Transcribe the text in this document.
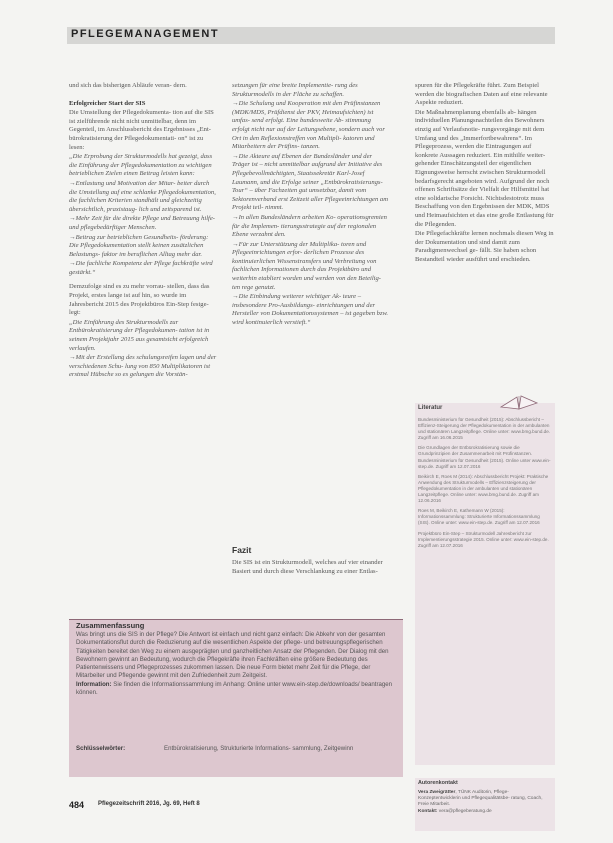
PFLEGEMANAGEMENT

und sich das bisherigen Abläufe veran- dern.

Erfolgreicher Start der SIS

Die Umstellung der Pflegedokumenta- tion auf die SIS ist zielführende nicht nicht unmittelbar, denn im Gegenteil, im Anschlussbericht des Ergebnisses „Ent- bürokratisierung der Pflegedokumentati- on“ ist zu lesen:

„Die Erprobung der Strukturmodells hat gezeigt, dass die Einführung der Pflegedokumentation zu wichtigen betrieblichen Zielen einen Beitrag leisten kann:

→Entlastung und Motivation der Mitar- beiter durch die Umstellung auf eine schlanke Pflegedokumentation, die fachlichen Kriterien standhält und gleichzeitig übersichtlich, praxistaug- lich und zeitsparend ist.

→Mehr Zeit für die direkte Pflege und Betreuung hilfe- und pflegebedürftiger Menschen.

→Beitrag zur betrieblichen Gesundheits- förderung: Die Pflegedokumentation stellt keinen zusätzlichen Belastungs- faktor im beruflichen Alltag mehr dar.

→Die fachliche Kompetenz der Pflege fachkräfte wird gestärkt.“

Demzufolge sind es zu mehr vorrau- stellen, dass das Projekt, erstes lange ist auf hin, so wurde im Jahresbericht 2015 des Projektbüros Ein-Step festge- legt:

„Die Einführung des Strukturmodells zur Entbürokratisierung der Pflegedokumen- tation ist in seinem Projektjahr 2015 aus gesamtsicht erfolgreich verlaufen.

→Mit der Erstellung des schulungsreifen lagen und der verschiedenen Schu- lung von 850 Multiplikatoren ist erstmal Hübsche so es gelungen die Vorstän-

setzungen für eine breite Implementie- rung des Strukturmodells in der Fläche zu schaffen.

→Die Schulung und Kooperation mit den Prüfinstanzen (MDK/MDS, Prüfdienst der PKV, Heimaufsichten) ist umfas- send erfolgt. Eine bundesweite Ab- stimmung erfolgt nicht nur auf der Leitungsebene, sondern auch vor Ort in den Reflexionstreffen von Multipli- katoren und Mitarbeitern der Prüfins- tanzen.

→Die Akteure auf Ebenen der Bundesländer und der Träger ist – nicht unmittelbar aufgrund der Initiative des Pflegebevollmächtigten, Staatssekretär Karl-Josef Laumann, und die Erfolge seiner „Entbürokratisierungs-Tour“ – über Fachzeiten gut umsetzbar, damit vom Sektorenverband erst Zeitzeit aller Pflegeeinrichtungen am Projekt teil- nimmt.

→In allen Bundesländern arbeiten Ko- operationsgremien für die Implemen- tierungsstrategie auf der regionalen Ebene verzahnt den.

→Für zur Unterstützung der Multiplika- toren und Pflegeeinrichtungen erfor- derlichen Prozesse des kontinuierlichen Wissenstransfers und Verbreitung von fachlichen Informationen durch das Projektbüro und weiterhin etabliert worden und werden von den Beteilig- ten rege genutzt.

→Die Einbindung weiterer wichtiger Ak- teure – insbesondere Pro-Ausbildungs- einrichtungen und der Hersteller von Dokumentationssystemen – ist gegeben bzw. wird kontinuierlich verstieft.“

Fazit
Die SIS ist ein Strukturmodell, welches auf vier einander Basiert und durch diese Verschlankung zu einer Entlas-

spuren für die Pflegekräfte führt. Zum Beispiel werden die biografischen Daten auf eine relevante Aspekte reduziert.

Die Maßnahmenplanung ebenfalls ab- hängen individuellen Planungsnachteilen des Bewohners einzig auf Verlaufsnotie- rungsvorgänge mit dem Umfang und des „Immerfortbewahrens“. Im Pflegeprozess, werden die Eintragungen auf konkrete Aussagen reduziert. Ein mithilfe weiter- gehender Einschätzungsteil der eigentlichen Eignungsweise herrscht zwischen Strukturmodell bedarfsgerecht angeboten wird. Aufgrund der noch offenen Schriftsätze der Vielfalt der Hilfsmittel hat eine solidarische Forsicht. Nichtsdestotrotz muss Beschaffung von den Ergebnissen der MDK, MDS und Heimaufsichten et das eine große Entlastung für die Pflegenden.

Die Pflegefachkräfte lernen nochmals diesen Weg in der Dokumentation und sind damit zum Paradigmenwechsel ge- fällt. Sie haben schon Bestandteil wieder ausführt und erschieden.

Literatur

Bundesministerium für Gesundheit (2015): Abschlussbericht – Effizienz-Steigerung der Pflegedokumentation in der ambulanten und stationären Langzeitpflege. Online unter: www.bmg.bund.de. Zugriff am 16.06.2015

Die Grundlagen der Entbürokratisierung sowie die Grundprinzipien der Zusammenarbeit mit Prüfinstanzen. Bundesministerium für Gesundheit (2015). Online unter www.ein-step.de. Zugriff am 12.07.2016

Beikirch E, Roes M (2014): Abschlussbericht Projekt: Praktische Anwendung des Strukturmodells – Effizienzsteigerung der Pflegedokumentation in der ambulanten und stationären Langzeitpflege. Online unter: www.bmg.bund.de. Zugriff am 12.06.2016

Roes M, Beikirch E, Kathemann W (2015): Informationssammlung: Strukturierte Informationssammlung (SIS). Online unter: www.ein-step.de. Zugriff am 12.07.2016

Projektbüro Ein-Step – Strukturmodell Jahresbericht zur Implementierungsstrategie 2015. Online unter: www.ein-step.de. Zugriff am 12.07.2016

Zusammenfassung
Was bringt uns die SIS in der Pflege? Die Antwort ist einfach und nicht ganz einfach: Die Abkehr von der gesamten Dokumentationsflut durch die Reduzierung auf die wesentlichen Aspekte der pflege- und betreuungspflegerischen Tätigkeiten bereitet den Weg zu einem ausgeprägten und ganzheitlichen Ansatz der Pflegenden. Der Dialog mit den Bewohnern gewinnt an Bedeutung, wodurch die Pflegekräfte ihren Fachkräften eine größere Bedeutung des Patientenwissens und Pflegeprozesses zukommen lassen. Die neue Form bietet mehr Zeit für die Pflege, der Mitarbeiter und Pflegende gewinnt mit den Zufriedenheit zum Zeitgeist.
Information: Sie finden die Informationssammlung im Anhang: Online unter www.ein-step.de/downloads/ beantragen können.
Schlüsselwörter:	Entbürokratisierung, Strukturierte Informations- sammlung, Zeitgewinn
Autorenkontakt
Vera Zweigrätter, TÜNK Auditorin, Pflege- Konzeptentwicklerin und Pflegequalitätsbe- ratung, Coach, Freie Mitarbeit.
Kontakt: vera@pflegeberatung.de
484 Pflegezeitschrift 2016, Jg. 69, Heft 8
